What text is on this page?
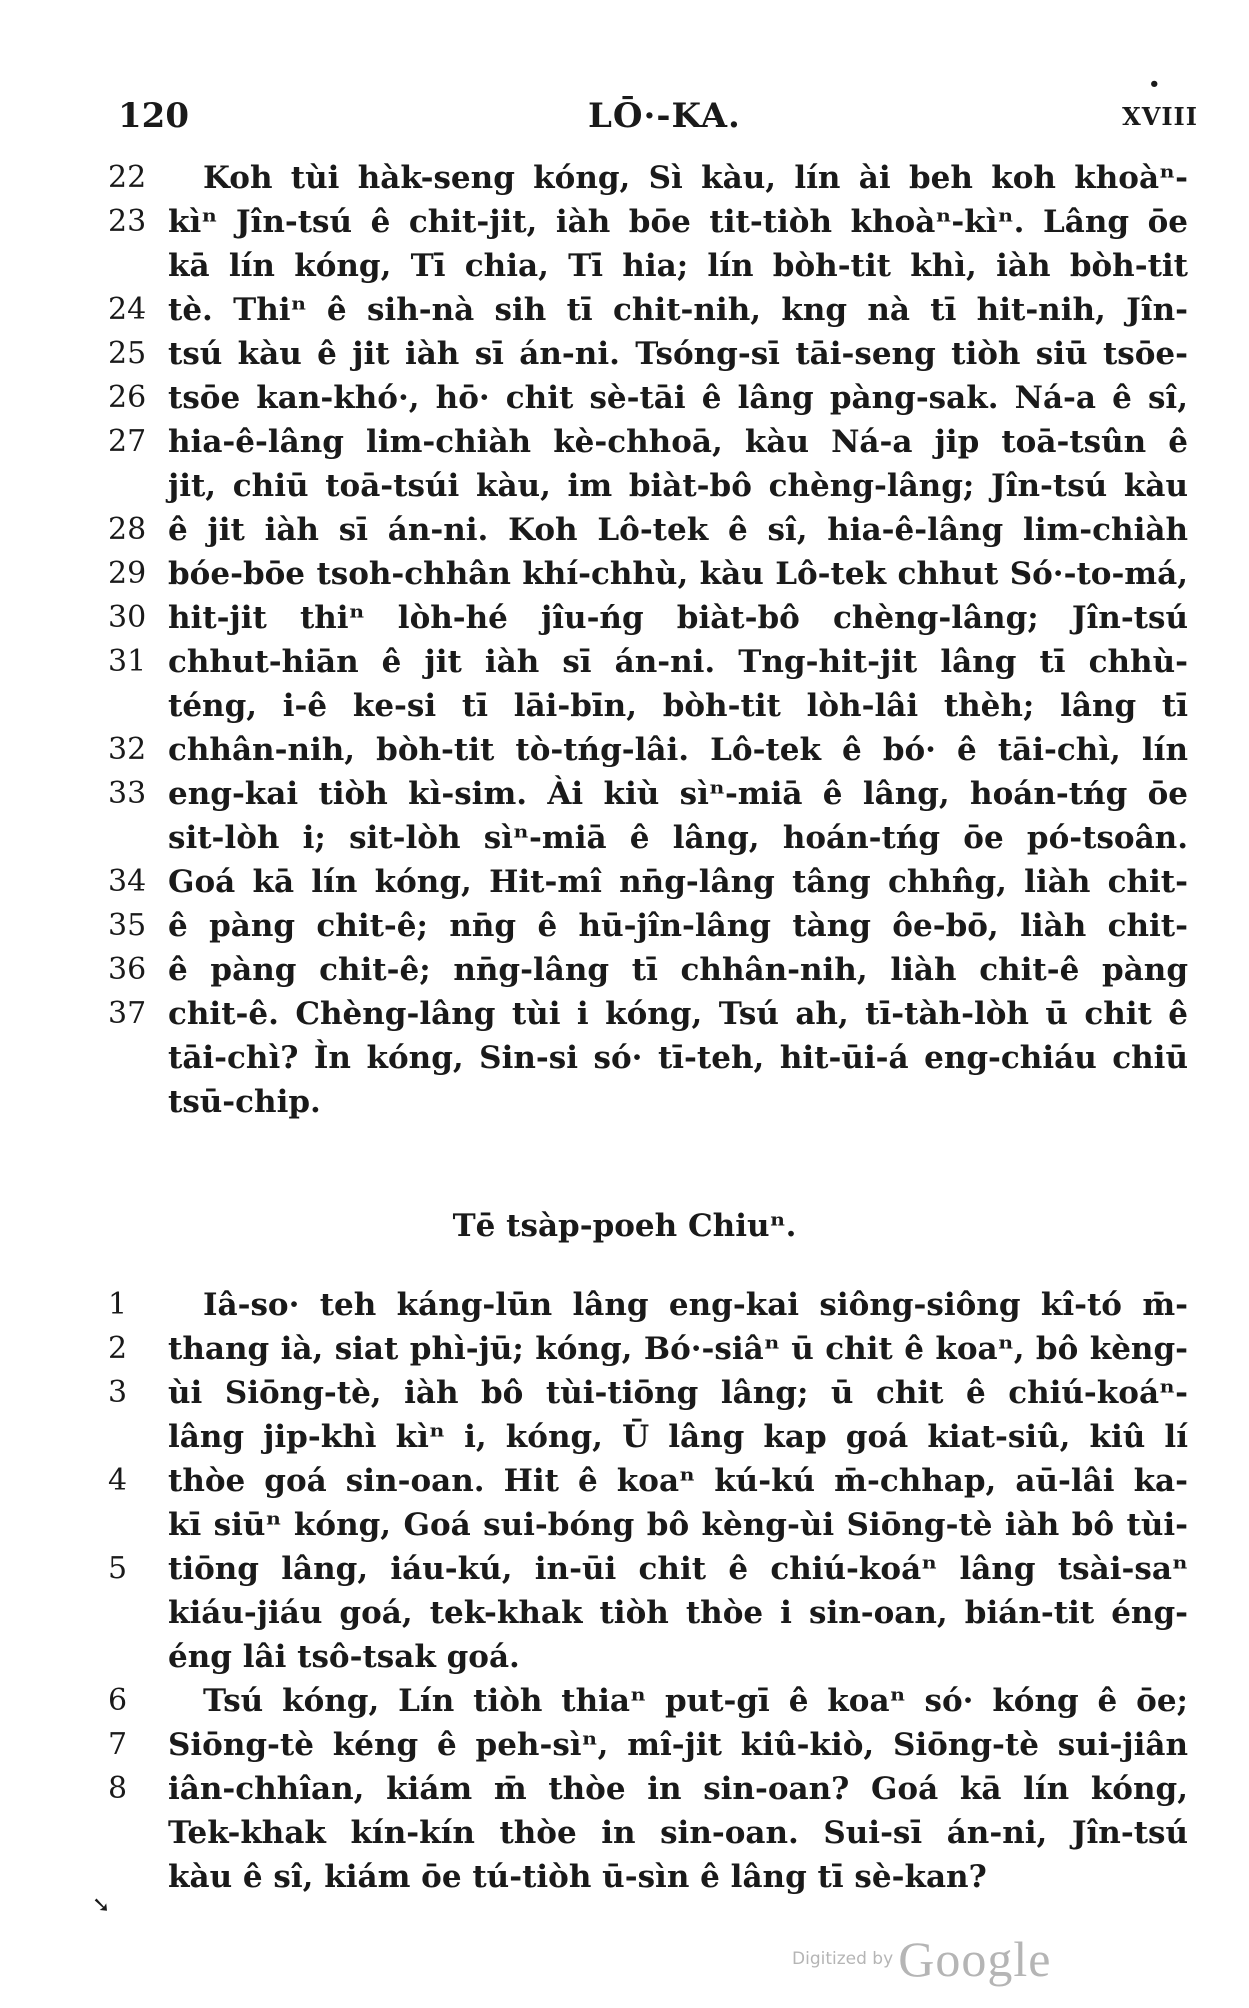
120	LŌ·-KA.
•
XVIII
22	Koh tùi hàk-seng kóng, Sì kàu, lín ài beh koh khoàⁿ-
23 kìⁿ Jîn-tsú ê chit-jit, iàh bōe tit-tiòh khoàⁿ-kìⁿ. Lâng ōe
kā lín kóng, Tī chia, Tī hia; lín bòh-tit khì, iàh bòh-tit
24 tè. Thiⁿ ê sih-nà sih tī chit-nih, kng nà tī hit-nih, Jîn-
25 tsú kàu ê jit iàh sī án-ni. Tsóng-sī tāi-seng tiòh siū tsōe-
26 tsōe kan-khó·, hō· chit sè-tāi ê lâng pàng-sak. Ná-a ê sî,
27 hia-ê-lâng lim-chiàh kè-chhoā, kàu Ná-a jip toā-tsûn ê
jit, chiū toā-tsúi kàu, im biàt-bô chèng-lâng; Jîn-tsú kàu
28 ê jit iàh sī án-ni. Koh Lô-tek ê sî, hia-ê-lâng lim-chiàh
29 bóe-bōe tsoh-chhân khí-chhù, kàu Lô-tek chhut Só·-to-má,
30 hit-jit thiⁿ lòh-hé jîu-ńg biàt-bô chèng-lâng; Jîn-tsú
31 chhut-hiān ê jit iàh sī án-ni. Tng-hit-jit lâng tī chhù-
téng, i-ê ke-si tī lāi-bīn, bòh-tit lòh-lâi thèh; lâng tī
32 chhân-nih, bòh-tit tò-tńg-lâi. Lô-tek ê bó· ê tāi-chì, lín
33 eng-kai tiòh kì-sim. Ài kiù sìⁿ-miā ê lâng, hoán-tńg ōe
sit-lòh i; sit-lòh sìⁿ-miā ê lâng, hoán-tńg ōe pó-tsoân.
34 Goá kā lín kóng, Hit-mî nn̄g-lâng tâng chhn̂g, liàh chit-
35 ê pàng chit-ê; nn̄g ê hū-jîn-lâng tàng ôe-bō, liàh chit-
36 ê pàng chit-ê; nn̄g-lâng tī chhân-nih, liàh chit-ê pàng
37 chit-ê. Chèng-lâng tùi i kóng, Tsú ah, tī-tàh-lòh ū chit ê
tāi-chì? Ìn kóng, Sin-si só· tī-teh, hit-ūi-á eng-chiáu chiū
tsū-chip.
Tē tsàp-poeh Chiuⁿ.
1	Iâ-so· teh káng-lūn lâng eng-kai siông-siông kî-tó m̄-
2	thang ià, siat phì-jū; kóng, Bó·-siâⁿ ū chit ê koaⁿ, bô kèng-
3	ùi Siōng-tè, iàh bô tùi-tiōng lâng; ū chit ê chiú-koáⁿ-
lâng jip-khì kìⁿ i, kóng, Ū lâng kap goá kiat-siû, kiû lí
4	thòe goá sin-oan. Hit ê koaⁿ kú-kú m̄-chhap, aū-lâi ka-
kī siūⁿ kóng, Goá sui-bóng bô kèng-ùi Siōng-tè iàh bô tùi-
5	tiōng lâng, iáu-kú, in-ūi chit ê chiú-koáⁿ lâng tsài-saⁿ
kiáu-jiáu goá, tek-khak tiòh thòe i sin-oan, bián-tit éng-
éng lâi tsô-tsak goá.
6	Tsú kóng, Lín tiòh thiaⁿ put-gī ê koaⁿ só· kóng ê ōe;
7	Siōng-tè kéng ê peh-sìⁿ, mî-jit kiû-kiò, Siōng-tè sui-jiân
8	iân-chhîan, kiám m̄ thòe in sin-oan? Goá kā lín kóng,
Tek-khak kín-kín thòe in sin-oan. Sui-sī án-ni, Jîn-tsú
kàu ê sî, kiám ōe tú-tiòh ū-sìn ê lâng tī sè-kan?
➘
Digitized by Google
